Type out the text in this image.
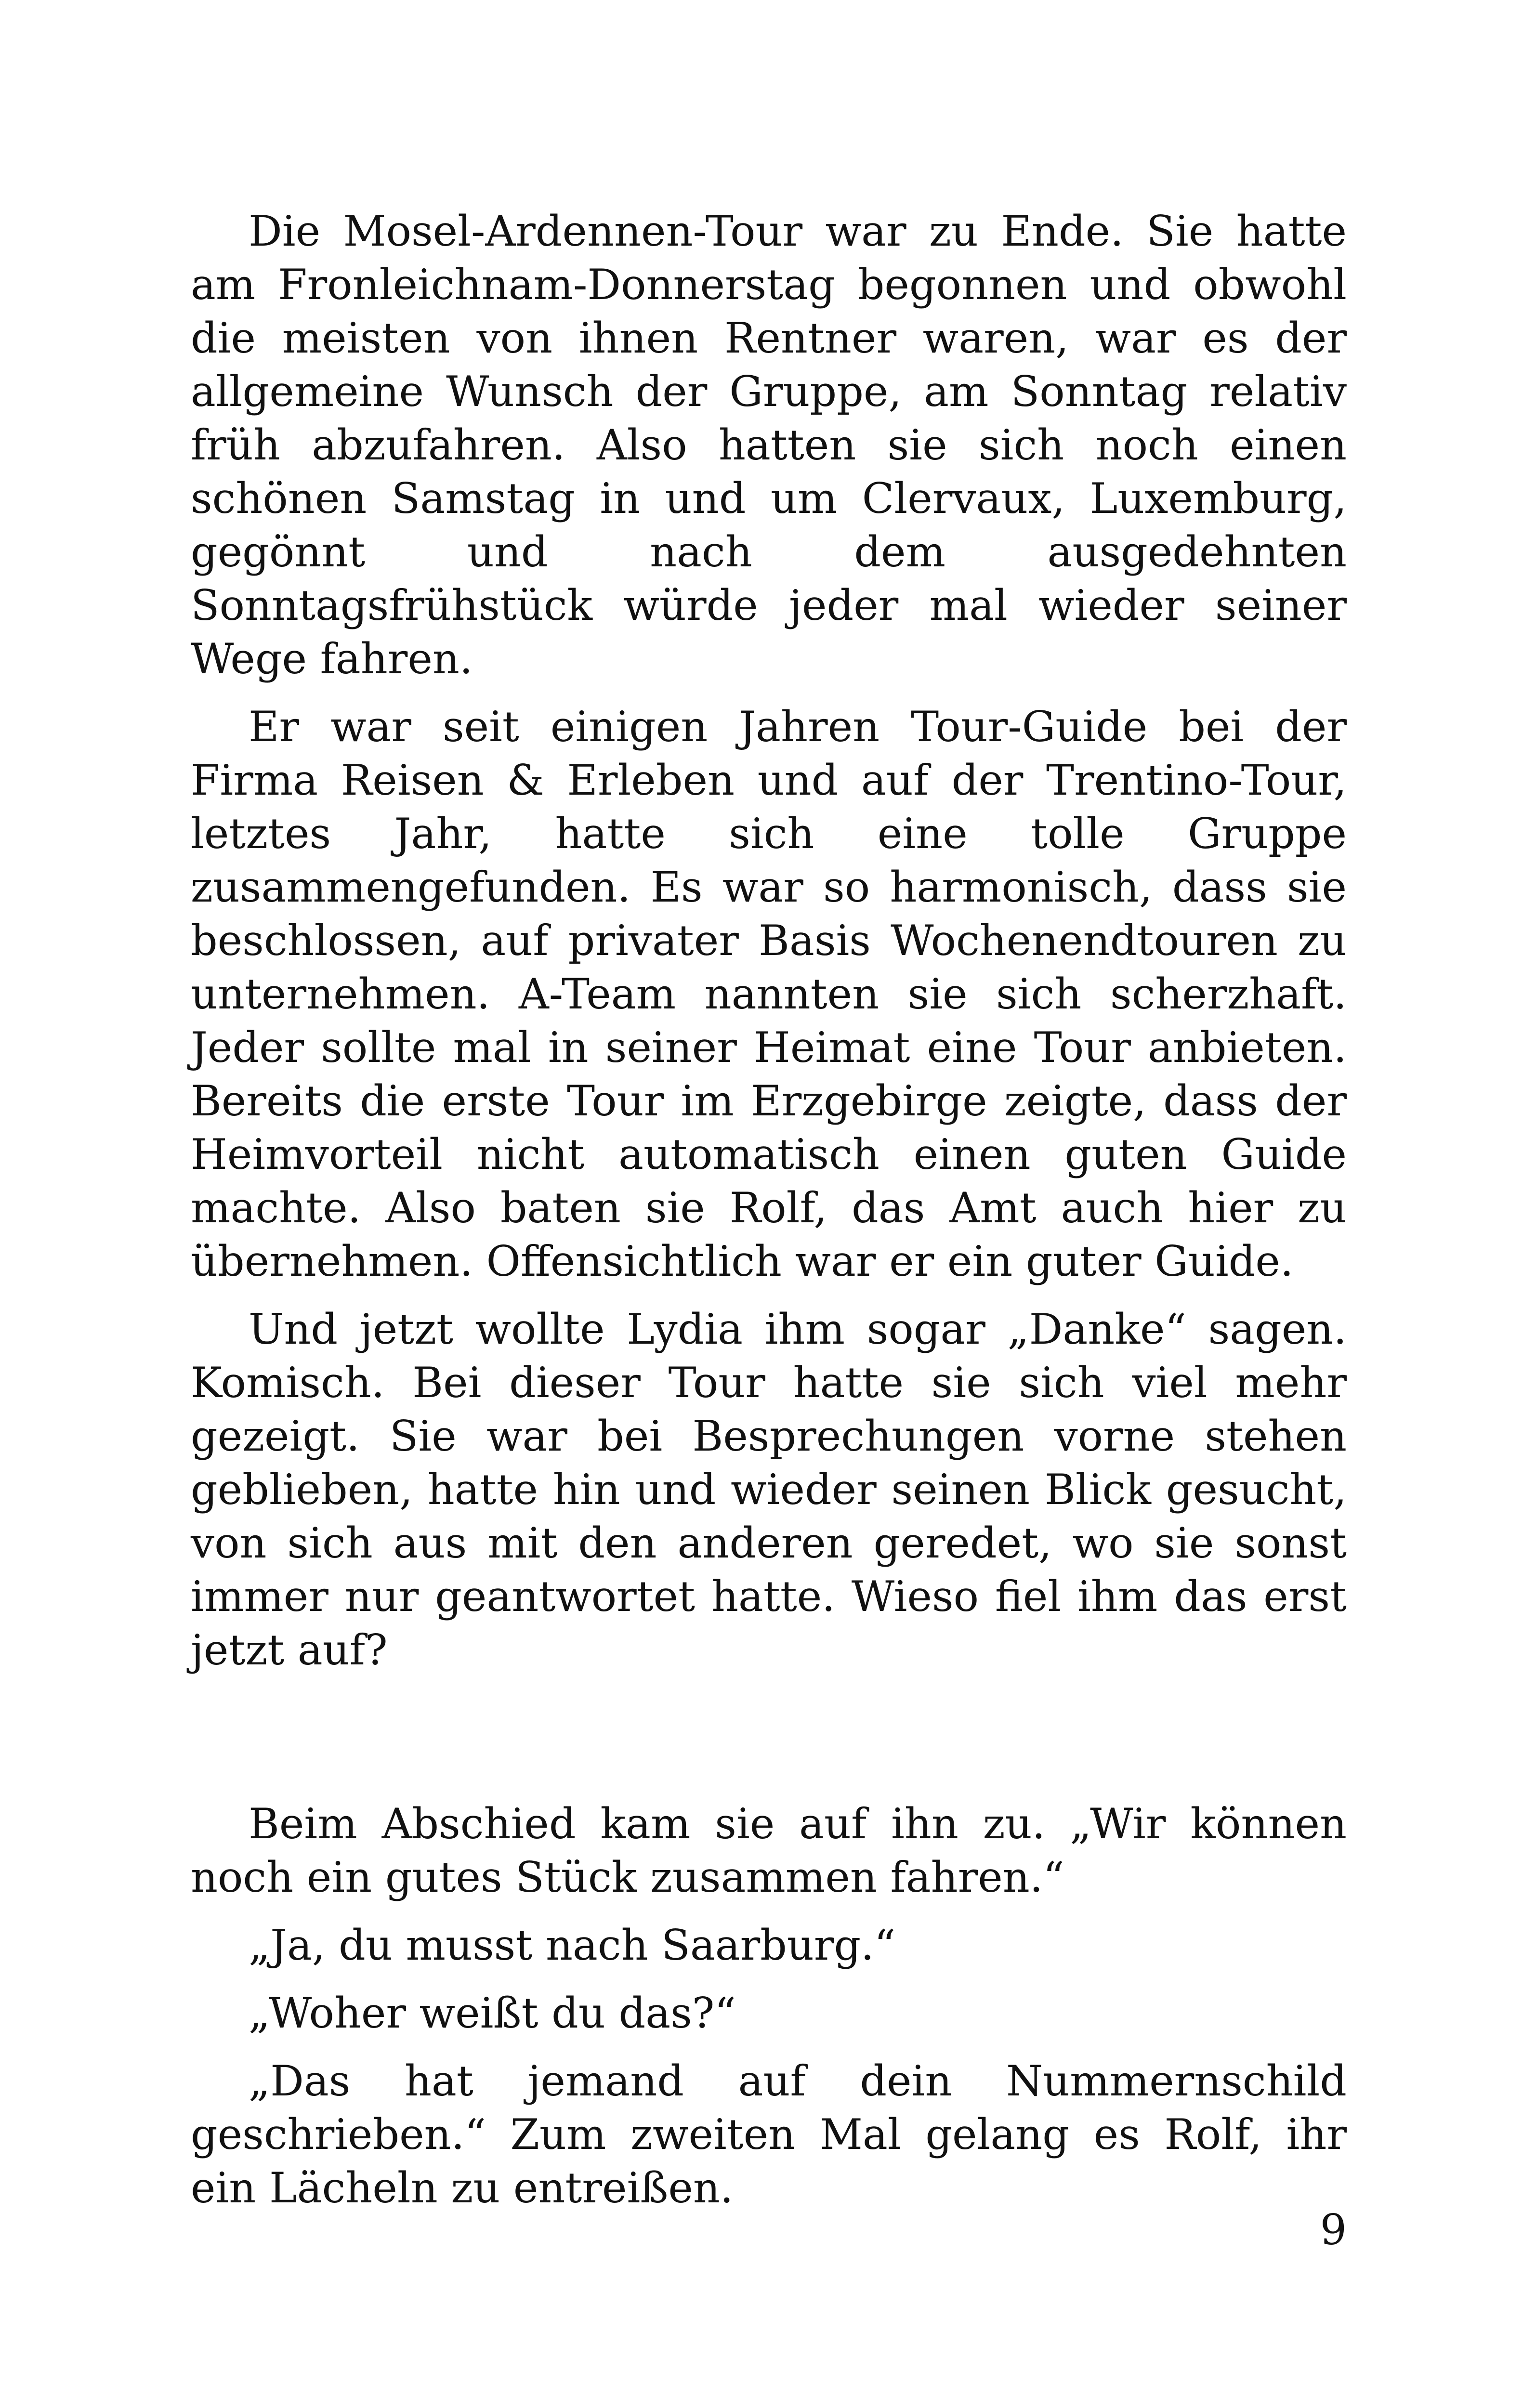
Die Mosel-Ardennen-Tour war zu Ende. Sie hatte am Fronleichnam-Donnerstag begonnen und obwohl die meisten von ihnen Rentner waren, war es der allgemeine Wunsch der Gruppe, am Sonntag relativ früh abzufahren. Also hatten sie sich noch einen schönen Samstag in und um Clervaux, Luxemburg, gegönnt und nach dem ausgedehnten Sonntagsfrühstück würde jeder mal wieder seiner Wege fahren.

Er war seit einigen Jahren Tour-Guide bei der Firma Reisen & Erleben und auf der Trentino-Tour, letztes Jahr, hatte sich eine tolle Gruppe zusammengefunden. Es war so harmonisch, dass sie beschlossen, auf privater Basis Wochenendtouren zu unternehmen. A-Team nannten sie sich scherzhaft. Jeder sollte mal in seiner Heimat eine Tour anbieten. Bereits die erste Tour im Erzgebirge zeigte, dass der Heimvorteil nicht automatisch einen guten Guide machte. Also baten sie Rolf, das Amt auch hier zu übernehmen. Offensichtlich war er ein guter Guide.

Und jetzt wollte Lydia ihm sogar „Danke“ sagen. Komisch. Bei dieser Tour hatte sie sich viel mehr gezeigt. Sie war bei Besprechungen vorne stehen geblieben, hatte hin und wieder seinen Blick gesucht, von sich aus mit den anderen geredet, wo sie sonst immer nur geantwortet hatte. Wieso fiel ihm das erst jetzt auf?

Beim Abschied kam sie auf ihn zu. „Wir können noch ein gutes Stück zusammen fahren.“

„Ja, du musst nach Saarburg.“

„Woher weißt du das?“

„Das hat jemand auf dein Nummernschild geschrieben.“ Zum zweiten Mal gelang es Rolf, ihr ein Lächeln zu entreißen.

9
